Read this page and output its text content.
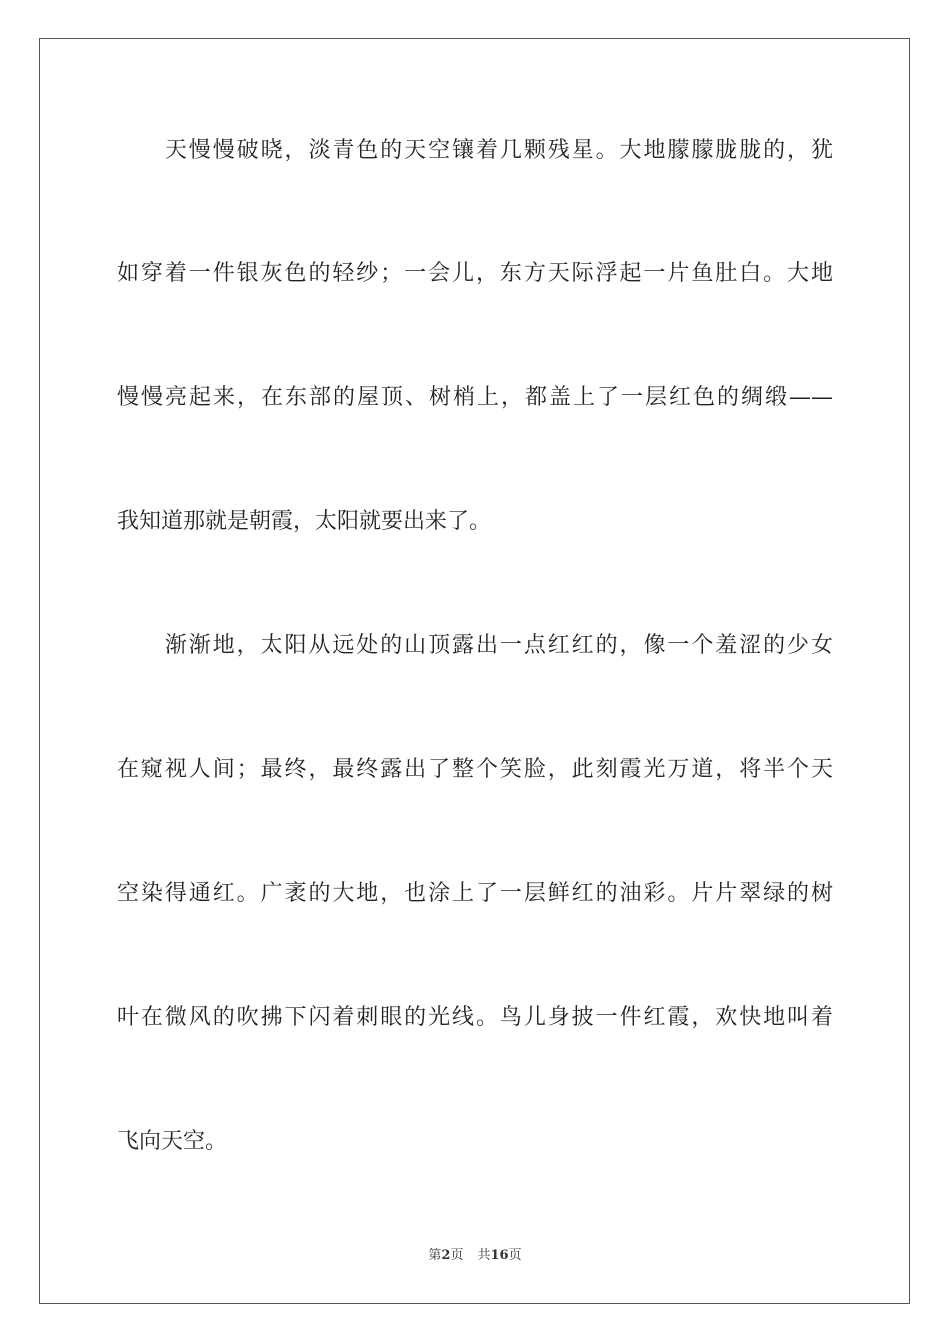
　　天慢慢破晓，淡青色的天空镶着几颗残星。大地朦朦胧胧的，犹
如穿着一件银灰色的轻纱；一会儿，东方天际浮起一片鱼肚白。大地
慢慢亮起来，在东部的屋顶、树梢上，都盖上了一层红色的绸缎——
我知道那就是朝霞，太阳就要出来了。
　　渐渐地，太阳从远处的山顶露出一点红红的，像一个羞涩的少女
在窥视人间；最终，最终露出了整个笑脸，此刻霞光万道，将半个天
空染得通红。广袤的大地，也涂上了一层鲜红的油彩。片片翠绿的树
叶在微风的吹拂下闪着刺眼的光线。鸟儿身披一件红霞，欢快地叫着
飞向天空。
第2页 共16页
